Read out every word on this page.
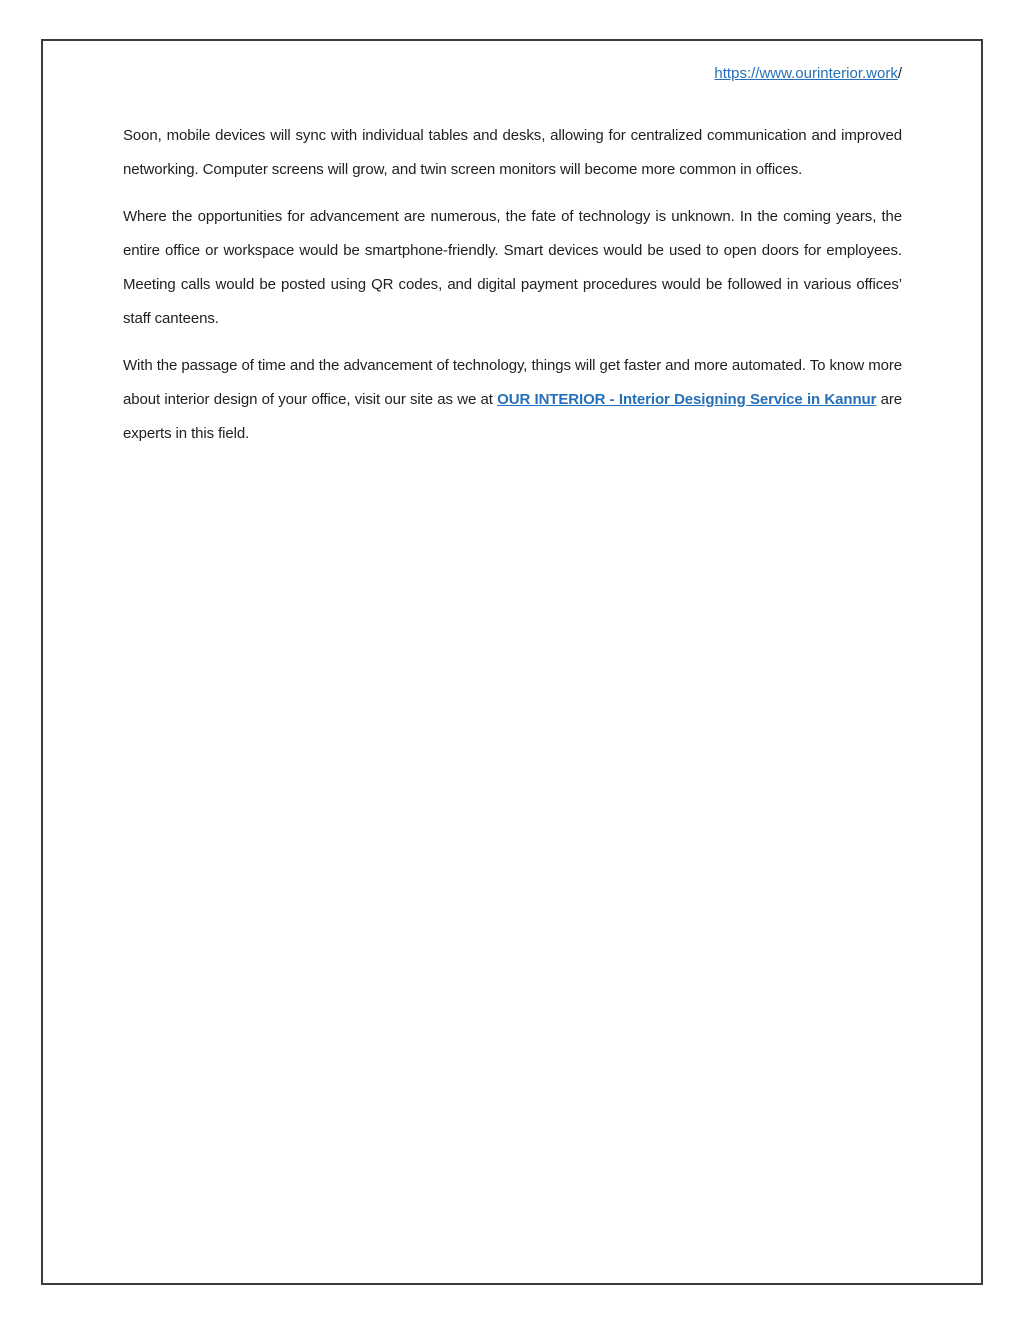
https://www.ourinterior.work/

Soon, mobile devices will sync with individual tables and desks, allowing for centralized communication and improved networking. Computer screens will grow, and twin screen monitors will become more common in offices.

Where the opportunities for advancement are numerous, the fate of technology is unknown. In the coming years, the entire office or workspace would be smartphone-friendly. Smart devices would be used to open doors for employees. Meeting calls would be posted using QR codes, and digital payment procedures would be followed in various offices’ staff canteens.

With the passage of time and the advancement of technology, things will get faster and more automated. To know more about interior design of your office, visit our site as we at OUR INTERIOR - Interior Designing Service in Kannur are experts in this field.
